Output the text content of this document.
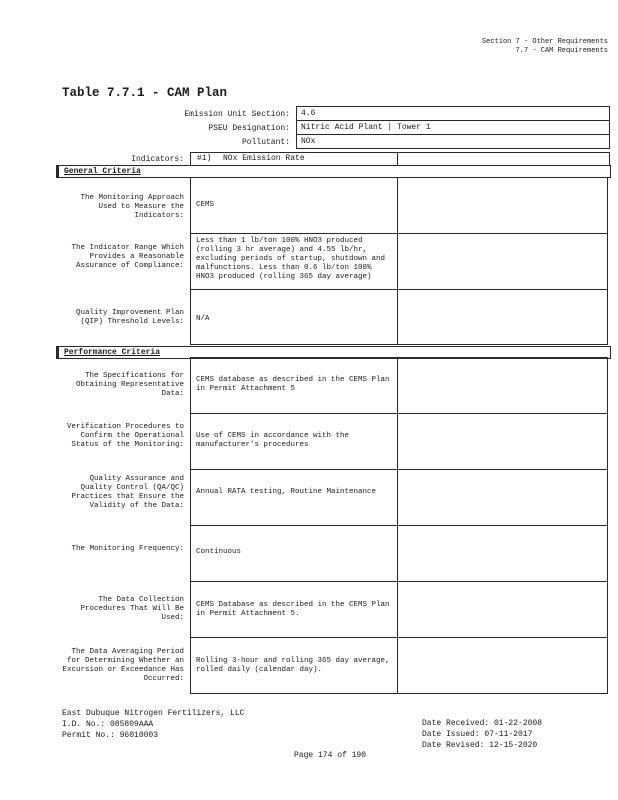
Section 7 - Other Requirements
7.7 - CAM Requirements
Table 7.7.1 - CAM Plan
Emission Unit Section:	4.6
PSEU Designation:	Nitric Acid Plant | Tower 1
Pollutant:	NOx
Indicators:	#1)	NOx Emission Rate
General Criteria
The Monitoring Approach Used to Measure the Indicators:
CEMS
The Indicator Range Which Provides a Reasonable Assurance of Compliance:
Less than 1 lb/ton 100% HNO3 produced (rolling 3 hr average) and 4.55 lb/hr, excluding periods of startup, shutdown and malfunctions. Less than 0.6 lb/ton 100% HNO3 produced (rolling 365 day average)
Quality Improvement Plan (QIP) Threshold Levels:	N/A
Performance Criteria
The Specifications for Obtaining Representative Data:
CEMS database as described in the CEMS Plan in Permit Attachment 5
Verification Procedures to Confirm the Operational Status of the Monitoring:
Use of CEMS in accordance with the manufacturer's procedures
Quality Assurance and Quality Control (QA/QC) Practices that Ensure the Validity of the Data:
Annual RATA testing, Routine Maintenance
The Monitoring Frequency:	Continuous
The Data Collection Procedures That Will Be Used:
CEMS Database as described in the CEMS Plan in Permit Attachment 5.
The Data Averaging Period for Determining Whether an Excursion or Exceedance Has Occurred:
Rolling 3-hour and rolling 365 day average, rolled daily (calendar day).
East Dubuque Nitrogen Fertilizers, LLC
I.D. No.: 085809AAA
Permit No.: 96010003
Date Received: 01-22-2008
Date Issued: 07-11-2017
Date Revised: 12-15-2020
Page 174 of 190
